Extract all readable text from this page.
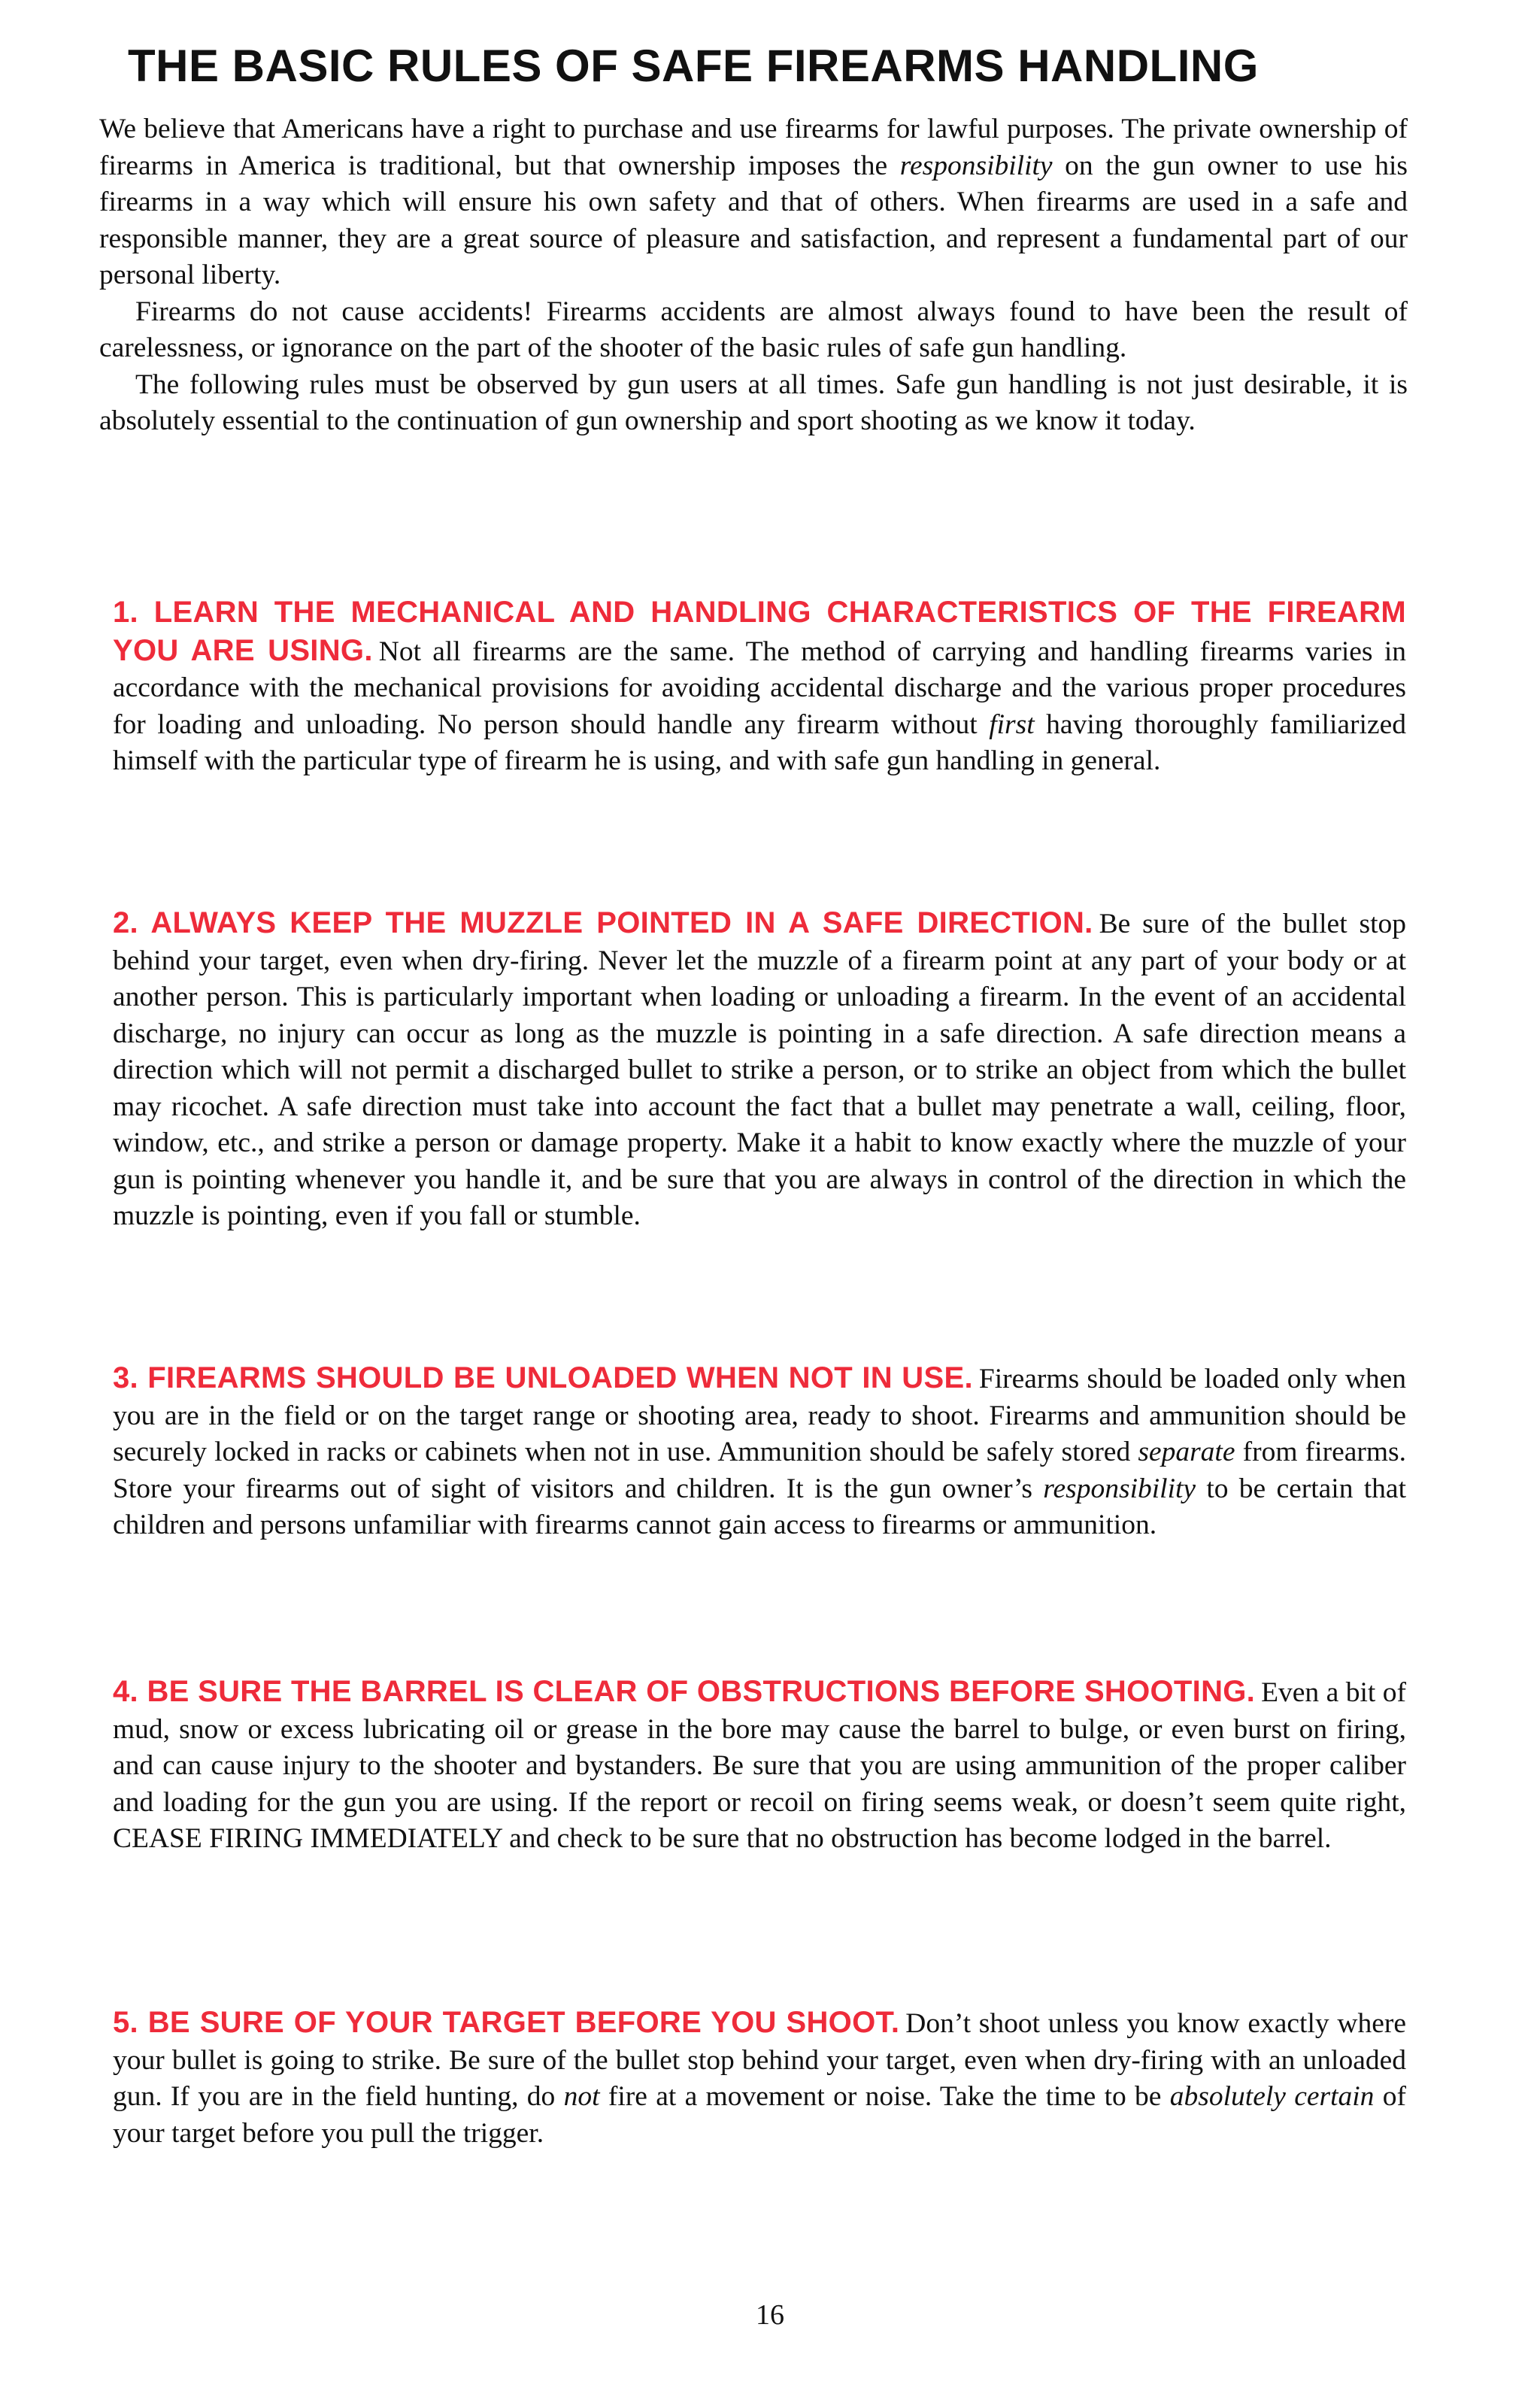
THE BASIC RULES OF SAFE FIREARMS HANDLING

We believe that Americans have a right to purchase and use firearms for lawful purposes. The private ownership of firearms in America is traditional, but that ownership imposes the responsibility on the gun owner to use his firearms in a way which will ensure his own safety and that of others. When firearms are used in a safe and responsible manner, they are a great source of pleasure and satisfaction, and represent a fundamental part of our personal liberty.

Firearms do not cause accidents! Firearms accidents are almost always found to have been the result of carelessness, or ignorance on the part of the shooter of the basic rules of safe gun handling.

The following rules must be observed by gun users at all times. Safe gun handling is not just desirable, it is absolutely essential to the continuation of gun ownership and sport shooting as we know it today.

1. LEARN THE MECHANICAL AND HANDLING CHARACTERISTICS OF THE FIREARM YOU ARE USING. Not all firearms are the same. The method of carrying and handling firearms varies in accordance with the mechanical provisions for avoiding accidental discharge and the various proper procedures for loading and unloading. No person should handle any firearm without first having thoroughly familiarized himself with the particular type of firearm he is using, and with safe gun handling in general.

2. ALWAYS KEEP THE MUZZLE POINTED IN A SAFE DIRECTION. Be sure of the bullet stop behind your target, even when dry-firing. Never let the muzzle of a firearm point at any part of your body or at another person. This is particularly important when loading or unloading a firearm. In the event of an accidental discharge, no injury can occur as long as the muzzle is pointing in a safe direction. A safe direction means a direction which will not permit a discharged bullet to strike a person, or to strike an object from which the bullet may ricochet. A safe direction must take into account the fact that a bullet may penetrate a wall, ceiling, floor, window, etc., and strike a person or damage property. Make it a habit to know exactly where the muzzle of your gun is pointing whenever you handle it, and be sure that you are always in control of the direction in which the muzzle is pointing, even if you fall or stumble.

3. FIREARMS SHOULD BE UNLOADED WHEN NOT IN USE. Firearms should be loaded only when you are in the field or on the target range or shooting area, ready to shoot. Firearms and ammunition should be securely locked in racks or cabinets when not in use. Ammunition should be safely stored separate from firearms. Store your firearms out of sight of visitors and children. It is the gun owner’s responsibility to be certain that children and persons unfamiliar with firearms cannot gain access to firearms or ammunition.

4. BE SURE THE BARREL IS CLEAR OF OBSTRUCTIONS BEFORE SHOOTING. Even a bit of mud, snow or excess lubricating oil or grease in the bore may cause the barrel to bulge, or even burst on firing, and can cause injury to the shooter and bystanders. Be sure that you are using ammunition of the proper caliber and loading for the gun you are using. If the report or recoil on firing seems weak, or doesn’t seem quite right, CEASE FIRING IMMEDIATELY and check to be sure that no obstruction has become lodged in the barrel.

5. BE SURE OF YOUR TARGET BEFORE YOU SHOOT. Don’t shoot unless you know exactly where your bullet is going to strike. Be sure of the bullet stop behind your target, even when dry-firing with an unloaded gun. If you are in the field hunting, do not fire at a movement or noise. Take the time to be absolutely certain of your target before you pull the trigger.

16
